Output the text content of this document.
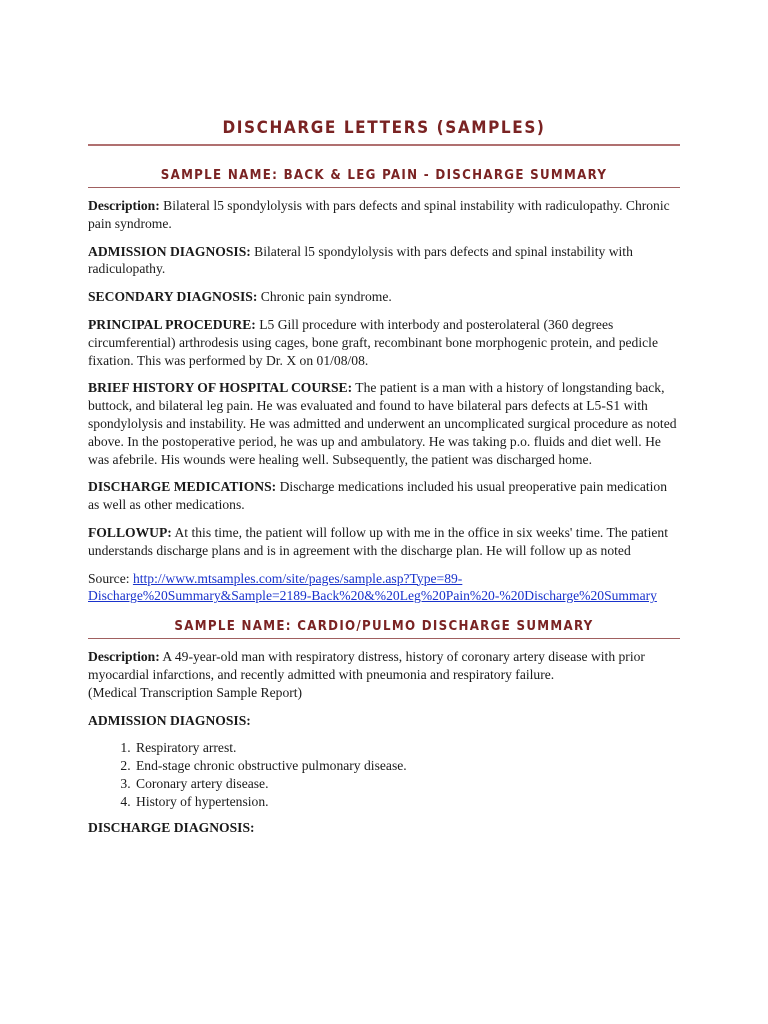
DISCHARGE LETTERS (SAMPLES)
SAMPLE NAME: BACK & LEG PAIN - DISCHARGE SUMMARY

Description: Bilateral l5 spondylolysis with pars defects and spinal instability with radiculopathy. Chronic pain syndrome.

ADMISSION DIAGNOSIS: Bilateral l5 spondylolysis with pars defects and spinal instability with radiculopathy.

SECONDARY DIAGNOSIS: Chronic pain syndrome.

PRINCIPAL PROCEDURE: L5 Gill procedure with interbody and posterolateral (360 degrees circumferential) arthrodesis using cages, bone graft, recombinant bone morphogenic protein, and pedicle fixation. This was performed by Dr. X on 01/08/08.

BRIEF HISTORY OF HOSPITAL COURSE: The patient is a man with a history of longstanding back, buttock, and bilateral leg pain. He was evaluated and found to have bilateral pars defects at L5-S1 with spondylolysis and instability. He was admitted and underwent an uncomplicated surgical procedure as noted above. In the postoperative period, he was up and ambulatory. He was taking p.o. fluids and diet well. He was afebrile. His wounds were healing well. Subsequently, the patient was discharged home.

DISCHARGE MEDICATIONS: Discharge medications included his usual preoperative pain medication as well as other medications.

FOLLOWUP: At this time, the patient will follow up with me in the office in six weeks' time. The patient understands discharge plans and is in agreement with the discharge plan. He will follow up as noted

Source: http://www.mtsamples.com/site/pages/sample.asp?Type=89-Discharge%20Summary&Sample=2189-Back%20&%20Leg%20Pain%20-%20Discharge%20Summary

SAMPLE NAME: CARDIO/PULMO DISCHARGE SUMMARY

Description: A 49-year-old man with respiratory distress, history of coronary artery disease with prior myocardial infarctions, and recently admitted with pneumonia and respiratory failure.
(Medical Transcription Sample Report)

ADMISSION DIAGNOSIS:

1. Respiratory arrest.
2. End-stage chronic obstructive pulmonary disease.
3. Coronary artery disease.
4. History of hypertension.

DISCHARGE DIAGNOSIS:
